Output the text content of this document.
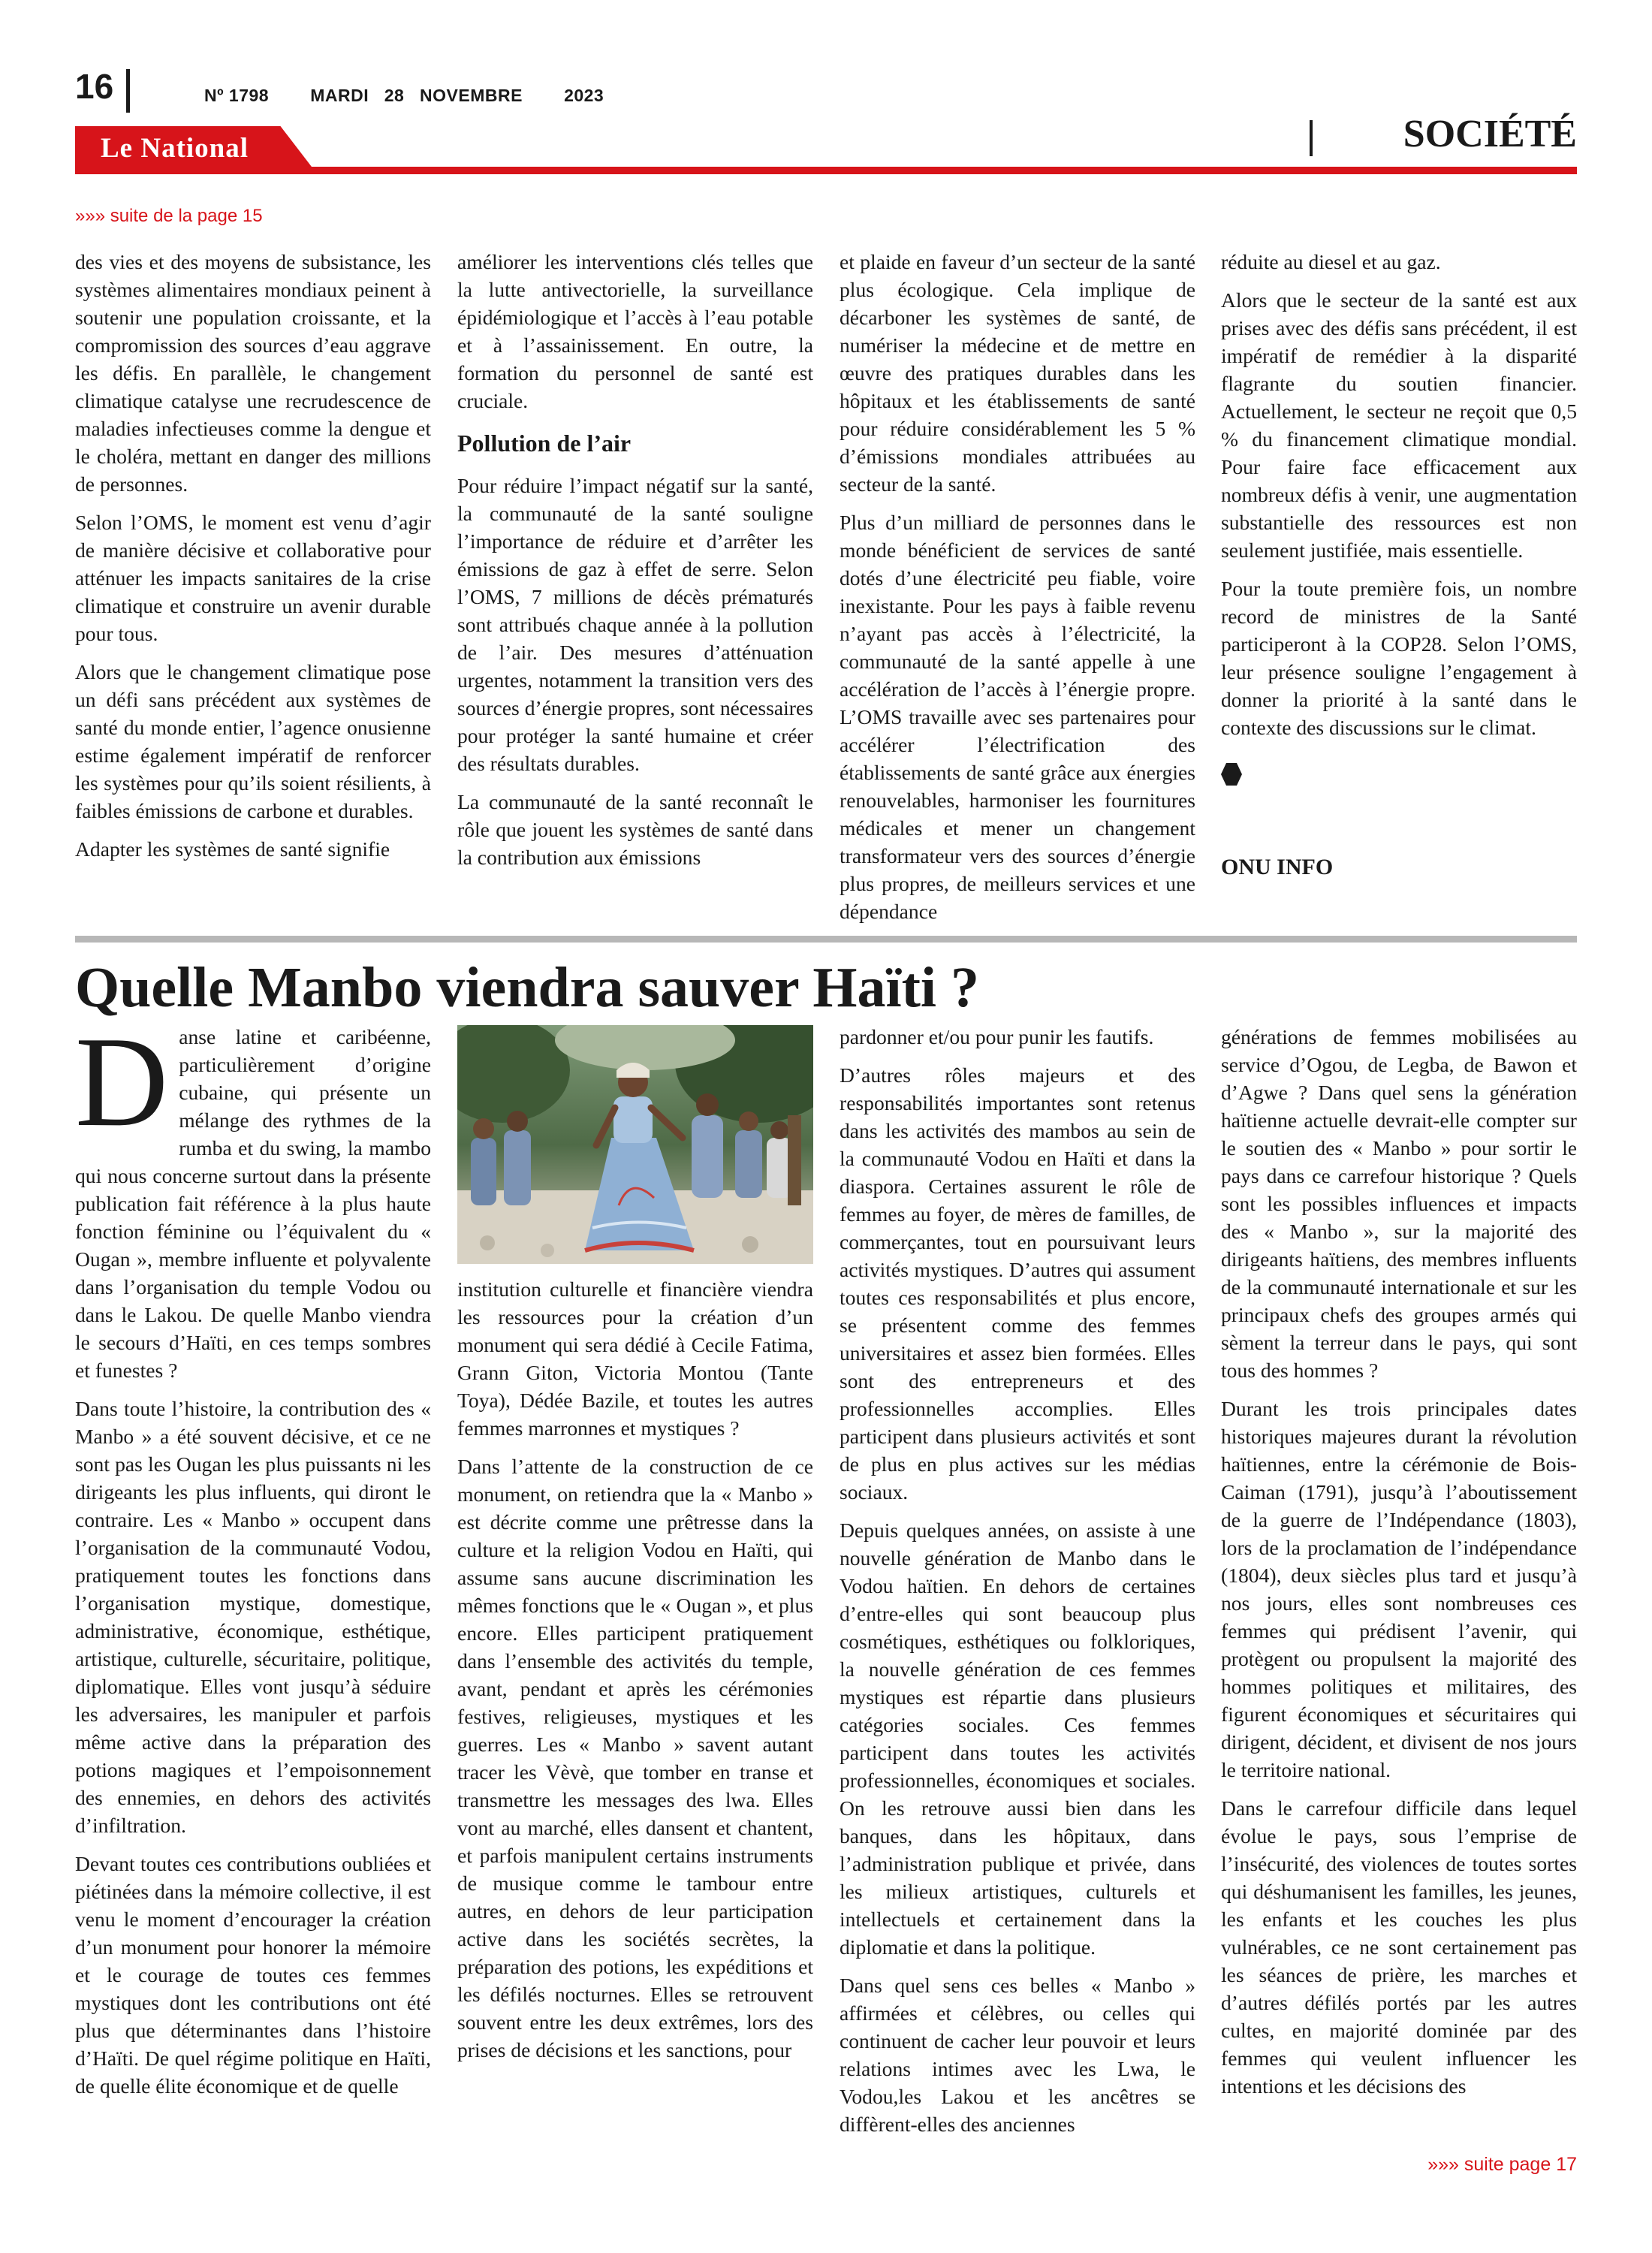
16	Nº 1798 MARDI 28 NOVEMBRE 2023
Le National	SOCIÉTÉ
»»» suite de la page 15

des vies et des moyens de subsistance, les systèmes alimentaires mondiaux peinent à soutenir une population croissante, et la compromission des sources d’eau aggrave les défis. En parallèle, le changement climatique catalyse une recrudescence de maladies infectieuses comme la dengue et le choléra, mettant en danger des millions de personnes.

Selon l’OMS, le moment est venu d’agir de manière décisive et collaborative pour atténuer les impacts sanitaires de la crise climatique et construire un avenir durable pour tous.

Alors que le changement climatique pose un défi sans précédent aux systèmes de santé du monde entier, l’agence onusienne estime également impératif de renforcer les systèmes pour qu’ils soient résilients, à faibles émissions de carbone et durables.

Adapter les systèmes de santé signifie

améliorer les interventions clés telles que la lutte antivectorielle, la surveillance épidémiologique et l’accès à l’eau potable et à l’assainissement. En outre, la formation du personnel de santé est cruciale.

Pollution de l’air

Pour réduire l’impact négatif sur la santé, la communauté de la santé souligne l’importance de réduire et d’arrêter les émissions de gaz à effet de serre. Selon l’OMS, 7 millions de décès prématurés sont attribués chaque année à la pollution de l’air. Des mesures d’atténuation urgentes, notamment la transition vers des sources d’énergie propres, sont nécessaires pour protéger la santé humaine et créer des résultats durables.

La communauté de la santé reconnaît le rôle que jouent les systèmes de santé dans la contribution aux émissions

et plaide en faveur d’un secteur de la santé plus écologique. Cela implique de décarboner les systèmes de santé, de numériser la médecine et de mettre en œuvre des pratiques durables dans les hôpitaux et les établissements de santé pour réduire considérablement les 5 % d’émissions mondiales attribuées au secteur de la santé.

Plus d’un milliard de personnes dans le monde bénéficient de services de santé dotés d’une électricité peu fiable, voire inexistante. Pour les pays à faible revenu n’ayant pas accès à l’électricité, la communauté de la santé appelle à une accélération de l’accès à l’énergie propre. L’OMS travaille avec ses partenaires pour accélérer l’électrification des établissements de santé grâce aux énergies renouvelables, harmoniser les fournitures médicales et mener un changement transformateur vers des sources d’énergie plus propres, de meilleurs services et une dépendance

réduite au diesel et au gaz.

Alors que le secteur de la santé est aux prises avec des défis sans précédent, il est impératif de remédier à la disparité flagrante du soutien financier. Actuellement, le secteur ne reçoit que 0,5 % du financement climatique mondial. Pour faire face efficacement aux nombreux défis à venir, une augmentation substantielle des ressources est non seulement justifiée, mais essentielle.

Pour la toute première fois, un nombre record de ministres de la Santé participeront à la COP28. Selon l’OMS, leur présence souligne l’engagement à donner la priorité à la santé dans le contexte des discussions sur le climat.

ONU INFO
Quelle Manbo viendra sauver Haïti ?

Danse latine et caribéenne, particulièrement d’origine cubaine, qui présente un mélange des rythmes de la rumba et du swing, la mambo qui nous concerne surtout dans la présente publication fait référence à la plus haute fonction féminine ou l’équivalent du « Ougan », membre influente et polyvalente dans l’organisation du temple Vodou ou dans le Lakou. De quelle Manbo viendra le secours d’Haïti, en ces temps sombres et funestes ?

Dans toute l’histoire, la contribution des « Manbo » a été souvent décisive, et ce ne sont pas les Ougan les plus puissants ni les dirigeants les plus influents, qui diront le contraire. Les « Manbo » occupent dans l’organisation de la communauté Vodou, pratiquement toutes les fonctions dans l’organisation mystique, domestique, administrative, économique, esthétique, artistique, culturelle, sécuritaire, politique, diplomatique. Elles vont jusqu’à séduire les adversaires, les manipuler et parfois même active dans la préparation des potions magiques et l’empoisonnement des ennemies, en dehors des activités d’infiltration.

Devant toutes ces contributions oubliées et piétinées dans la mémoire collective, il est venu le moment d’encourager la création d’un monument pour honorer la mémoire et le courage de toutes ces femmes mystiques dont les contributions ont été plus que déterminantes dans l’histoire d’Haïti. De quel régime politique en Haïti, de quelle élite économique et de quelle

institution culturelle et financière viendra les ressources pour la création d’un monument qui sera dédié à Cecile Fatima, Grann Giton, Victoria Montou (Tante Toya), Dédée Bazile, et toutes les autres femmes marronnes et mystiques ?

Dans l’attente de la construction de ce monument, on retiendra que la « Manbo » est décrite comme une prêtresse dans la culture et la religion Vodou en Haïti, qui assume sans aucune discrimination les mêmes fonctions que le « Ougan », et plus encore. Elles participent pratiquement dans l’ensemble des activités du temple, avant, pendant et après les cérémonies festives, religieuses, mystiques et les guerres. Les « Manbo » savent autant tracer les Vèvè, que tomber en transe et transmettre les messages des lwa. Elles vont au marché, elles dansent et chantent, et parfois manipulent certains instruments de musique comme le tambour entre autres, en dehors de leur participation active dans les sociétés secrètes, la préparation des potions, les expéditions et les défilés nocturnes. Elles se retrouvent souvent entre les deux extrêmes, lors des prises de décisions et les sanctions, pour

pardonner et/ou pour punir les fautifs.

D’autres rôles majeurs et des responsabilités importantes sont retenus dans les activités des mambos au sein de la communauté Vodou en Haïti et dans la diaspora. Certaines assurent le rôle de femmes au foyer, de mères de familles, de commerçantes, tout en poursuivant leurs activités mystiques. D’autres qui assument toutes ces responsabilités et plus encore, se présentent comme des femmes universitaires et assez bien formées. Elles sont des entrepreneurs et des professionnelles accomplies. Elles participent dans plusieurs activités et sont de plus en plus actives sur les médias sociaux.

Depuis quelques années, on assiste à une nouvelle génération de Manbo dans le Vodou haïtien. En dehors de certaines d’entre-elles qui sont beaucoup plus cosmétiques, esthétiques ou folkloriques, la nouvelle génération de ces femmes mystiques est répartie dans plusieurs catégories sociales. Ces femmes participent dans toutes les activités professionnelles, économiques et sociales. On les retrouve aussi bien dans les banques, dans les hôpitaux, dans l’administration publique et privée, dans les milieux artistiques, culturels et intellectuels et certainement dans la diplomatie et dans la politique.

Dans quel sens ces belles « Manbo » affirmées et célèbres, ou celles qui continuent de cacher leur pouvoir et leurs relations intimes avec les Lwa, le Vodou,les Lakou et les ancêtres se diffèrent-elles des anciennes

générations de femmes mobilisées au service d’Ogou, de Legba, de Bawon et d’Agwe ? Dans quel sens la génération haïtienne actuelle devrait-elle compter sur le soutien des « Manbo » pour sortir le pays dans ce carrefour historique ? Quels sont les possibles influences et impacts des « Manbo », sur la majorité des dirigeants haïtiens, des membres influents de la communauté internationale et sur les principaux chefs des groupes armés qui sèment la terreur dans le pays, qui sont tous des hommes ?

Durant les trois principales dates historiques majeures durant la révolution haïtiennes, entre la cérémonie de Bois-Caiman (1791), jusqu’à l’aboutissement de la guerre de l’Indépendance (1803), lors de la proclamation de l’indépendance (1804), deux siècles plus tard et jusqu’à nos jours, elles sont nombreuses ces femmes qui prédisent l’avenir, qui protègent ou propulsent la majorité des hommes politiques et militaires, des figurent économiques et sécuritaires qui dirigent, décident, et divisent de nos jours le territoire national.

Dans le carrefour difficile dans lequel évolue le pays, sous l’emprise de l’insécurité, des violences de toutes sortes qui déshumanisent les familles, les jeunes, les enfants et les couches les plus vulnérables, ce ne sont certainement pas les séances de prière, les marches et d’autres défilés portés par les autres cultes, en majorité dominée par des femmes qui veulent influencer les intentions et les décisions des

»»» suite page 17
